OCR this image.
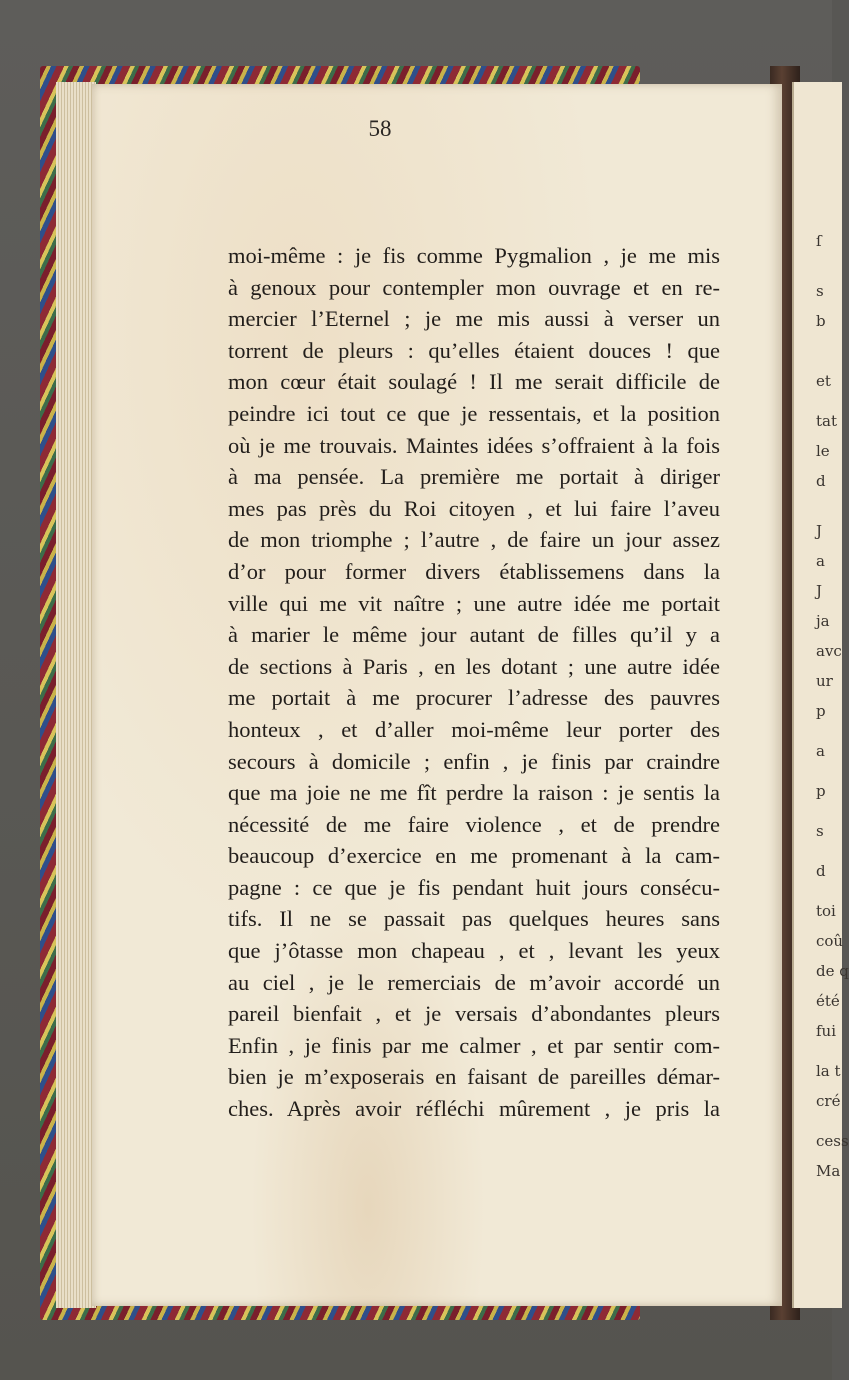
ſ
s
b
et
tat
le
d
J
a
J
ja
avc
ur
p
a
p
s
d
toi
coû
de q
été
fui
la t
cré
cess
Ma
58
moi-même : je fis comme Pygmalion , je me mis
à genoux pour contempler mon ouvrage et en re-
mercier l’Eternel ; je me mis aussi à verser un
torrent de pleurs : qu’elles étaient douces ! que
mon cœur était soulagé ! Il me serait difficile de
peindre ici tout ce que je ressentais, et la position
où je me trouvais. Maintes idées s’offraient à la fois
à ma pensée. La première me portait à diriger
mes pas près du Roi citoyen , et lui faire l’aveu
de mon triomphe ; l’autre , de faire un jour assez
d’or pour former divers établissemens dans la
ville qui me vit naître ; une autre idée me portait
à marier le même jour autant de filles qu’il y a
de sections à Paris , en les dotant ; une autre idée
me portait à me procurer l’adresse des pauvres
honteux , et d’aller moi-même leur porter des
secours à domicile ; enfin , je finis par craindre
que ma joie ne me fît perdre la raison : je sentis la
nécessité de me faire violence , et de prendre
beaucoup d’exercice en me promenant à la cam-
pagne : ce que je fis pendant huit jours consécu-
tifs. Il ne se passait pas quelques heures sans
que j’ôtasse mon chapeau , et , levant les yeux
au ciel , je le remerciais de m’avoir accordé un
pareil bienfait , et je versais d’abondantes pleurs
Enfin , je finis par me calmer , et par sentir com-
bien je m’exposerais en faisant de pareilles démar-
ches. Après avoir réfléchi mûrement , je pris la
